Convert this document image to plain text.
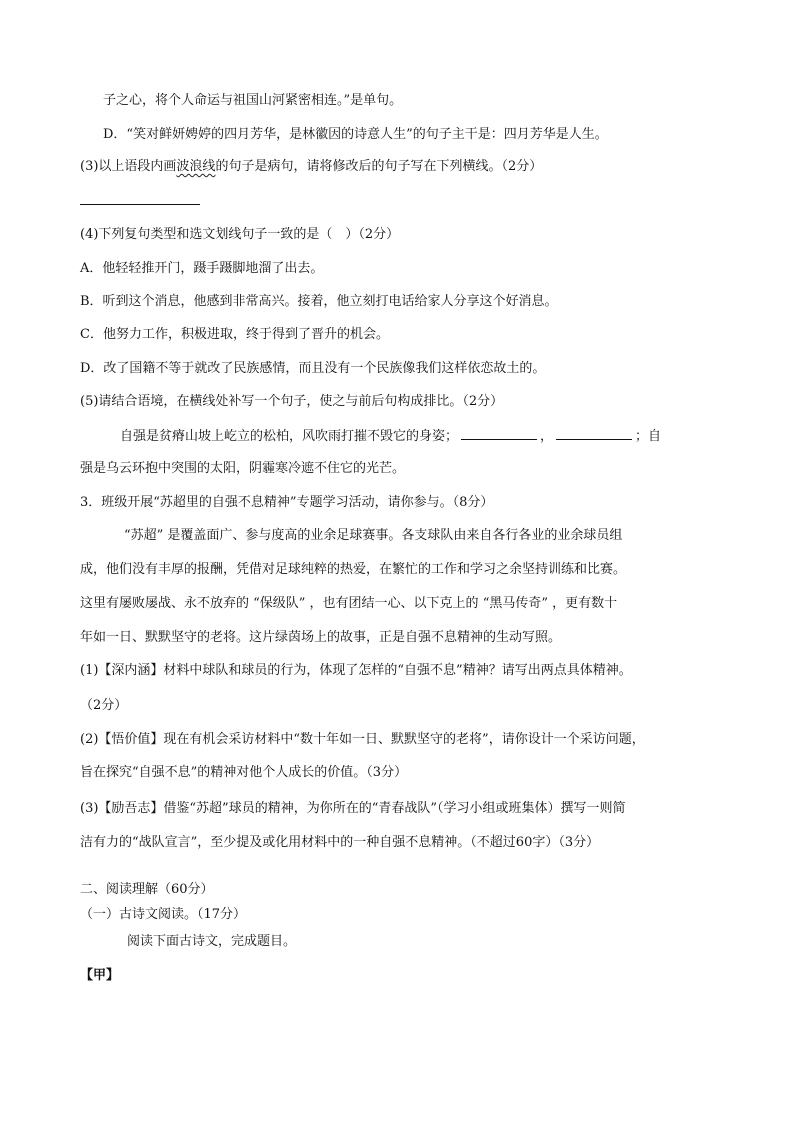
子之心，将个人命运与祖国山河紧密相连。”是单句。
D．“笑对鲜妍娉婷的四月芳华，是林徽因的诗意人生”的句子主干是：四月芳华是人生。
(3)以上语段内画波浪线的句子是病句，请将修改后的句子写在下列横线。（2分）
(4)下列复句类型和选文划线句子一致的是（　）（2分）
A．他轻轻推开门，蹑手蹑脚地溜了出去。
B．听到这个消息，他感到非常高兴。接着，他立刻打电话给家人分享这个好消息。
C．他努力工作，积极进取，终于得到了晋升的机会。
D．改了国籍不等于就改了民族感情，而且没有一个民族像我们这样依恋故土的。
(5)请结合语境，在横线处补写一个句子，使之与前后句构成排比。（2分）
自强是贫瘠山坡上屹立的松柏，风吹雨打摧不毁它的身姿；	，	；自
强是乌云环抱中突围的太阳，阴霾寒冷遮不住它的光芒。
3．班级开展“苏超里的自强不息精神”专题学习活动，请你参与。（8分）
“苏超” 是覆盖面广、参与度高的业余足球赛事。各支球队由来自各行各业的业余球员组
成，他们没有丰厚的报酬，凭借对足球纯粹的热爱，在繁忙的工作和学习之余坚持训练和比赛。
这里有屡败屡战、永不放弃的 “保级队” ，也有团结一心、以下克上的 “黑马传奇” ，更有数十
年如一日、默默坚守的老将。这片绿茵场上的故事，正是自强不息精神的生动写照。
(1)【深内涵】材料中球队和球员的行为，体现了怎样的“自强不息”精神？请写出两点具体精神。
（2分）
(2)【悟价值】现在有机会采访材料中“数十年如一日、默默坚守的老将”，请你设计一个采访问题，
旨在探究“自强不息”的精神对他个人成长的价值。（3分）
(3)【励吾志】借鉴“苏超”球员的精神，为你所在的“青春战队”（学习小组或班集体）撰写一则简
洁有力的“战队宣言”，至少提及或化用材料中的一种自强不息精神。（不超过60字）（3分）
二、阅读理解（60分）
（一）古诗文阅读。（17分）
阅读下面古诗文，完成题目。
【甲】
